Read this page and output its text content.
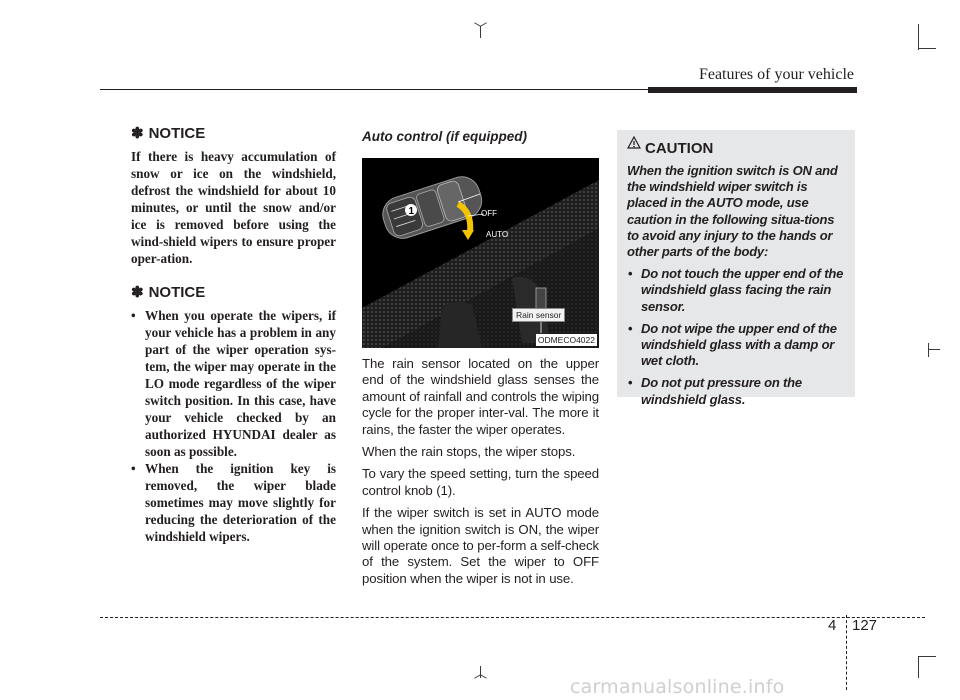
Features of your vehicle
✽ NOTICE

If there is heavy accumulation of snow or ice on the windshield, defrost the windshield for about 10 minutes, or until the snow and/or ice is removed before using the wind-shield wipers to ensure proper oper-ation.

✽ NOTICE
• When you operate the wipers, if your vehicle has a problem in any part of the wiper operation sys-tem, the wiper may operate in the LO mode regardless of the wiper switch position. In this case, have your vehicle checked by an authorized HYUNDAI dealer as soon as possible.
• When the ignition key is removed, the wiper blade sometimes may move slightly for reducing the deterioration of the windshield wipers.
Auto control (if equipped)
1	OFF
AUTO
Rain sensor
ODMECO4022

The rain sensor located on the upper end of the windshield glass senses the amount of rainfall and controls the wiping cycle for the proper inter-val. The more it rains, the faster the wiper operates.

When the rain stops, the wiper stops.

To vary the speed setting, turn the speed control knob (1).

If the wiper switch is set in AUTO mode when the ignition switch is ON, the wiper will operate once to per-form a self-check of the system. Set the wiper to OFF position when the wiper is not in use.

CAUTION

When the ignition switch is ON and the windshield wiper switch is placed in the AUTO mode, use caution in the following situa-tions to avoid any injury to the hands or other parts of the body:

• Do not touch the upper end of the windshield glass facing the rain sensor.
• Do not wipe the upper end of the windshield glass with a damp or wet cloth.
• Do not put pressure on the windshield glass.
4 127
carmanualsonline.info
